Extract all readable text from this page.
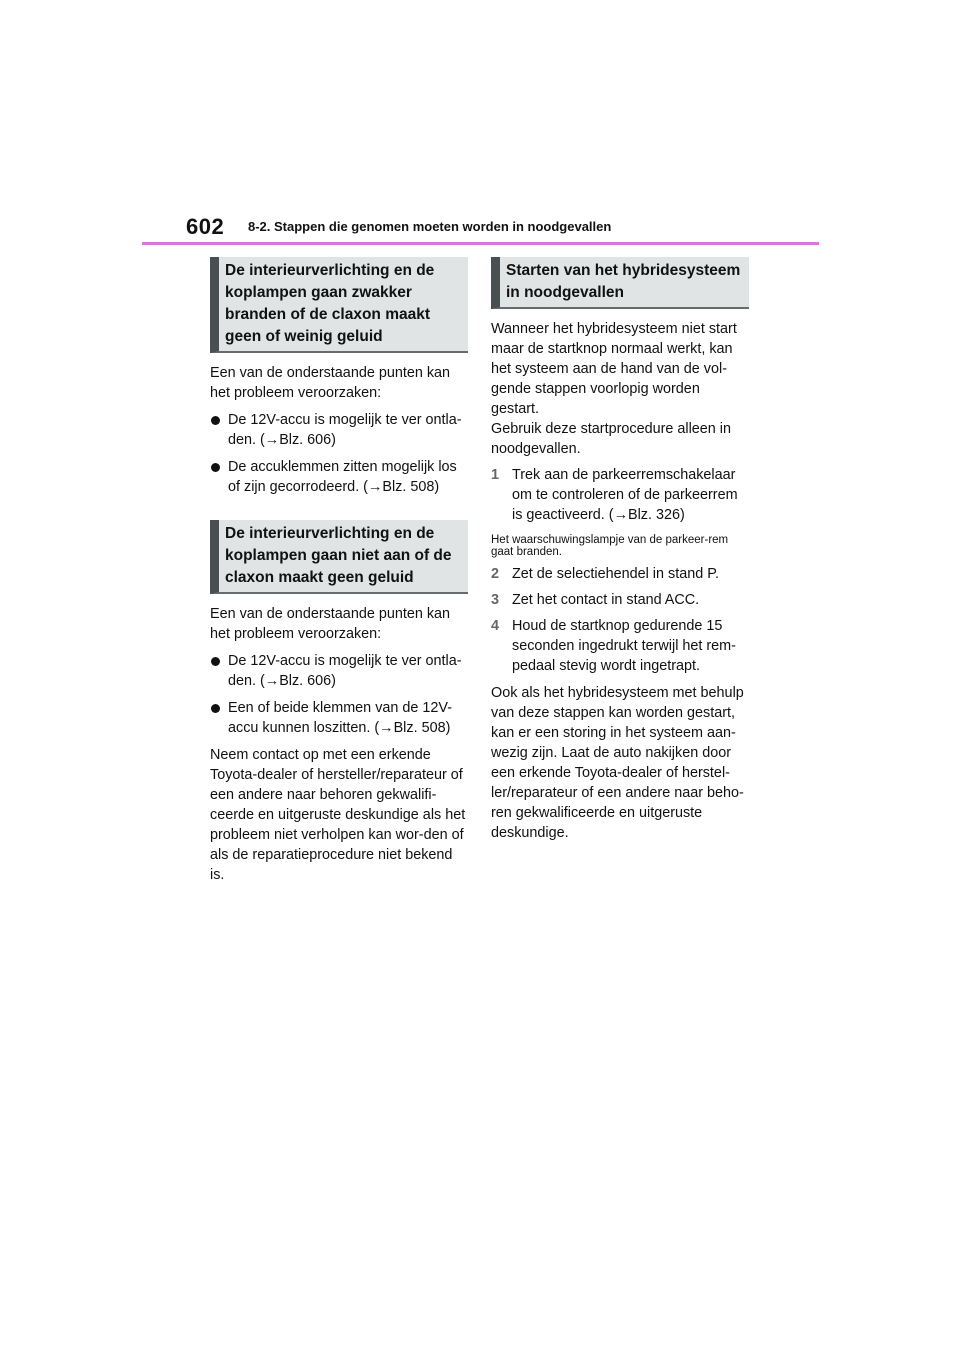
602 8-2. Stappen die genomen moeten worden in noodgevallen
De interieurverlichting en de koplampen gaan zwakker branden of de claxon maakt geen of weinig geluid

Een van de onderstaande punten kan het probleem veroorzaken:

De 12V-accu is mogelijk te ver ontla-den. (→Blz. 606)
De accuklemmen zitten mogelijk los of zijn gecorrodeerd. (→Blz. 508)
De interieurverlichting en de koplampen gaan niet aan of de claxon maakt geen geluid

Een van de onderstaande punten kan het probleem veroorzaken:

De 12V-accu is mogelijk te ver ontla-den. (→Blz. 606)
Een of beide klemmen van de 12V-accu kunnen loszitten. (→Blz. 508)

Neem contact op met een erkende Toyota-dealer of hersteller/reparateur of een andere naar behoren gekwalifi-ceerde en uitgeruste deskundige als het probleem niet verholpen kan wor-den of als de reparatieprocedure niet bekend is.

Starten van het hybridesysteem in noodgevallen

Wanneer het hybridesysteem niet start maar de startknop normaal werkt, kan het systeem aan de hand van de vol-gende stappen voorlopig worden gestart.

Gebruik deze startprocedure alleen in noodgevallen.

1 Trek aan de parkeerremschakelaar om te controleren of de parkeerrem is geactiveerd. (→Blz. 326)

Het waarschuwingslampje van de parkeer-rem gaat branden.

2 Zet de selectiehendel in stand P.
3 Zet het contact in stand ACC.
4 Houd de startknop gedurende 15 seconden ingedrukt terwijl het rem-pedaal stevig wordt ingetrapt.

Ook als het hybridesysteem met behulp van deze stappen kan worden gestart, kan er een storing in het systeem aan-wezig zijn. Laat de auto nakijken door een erkende Toyota-dealer of herstel-ler/reparateur of een andere naar beho-ren gekwalificeerde en uitgeruste deskundige.
